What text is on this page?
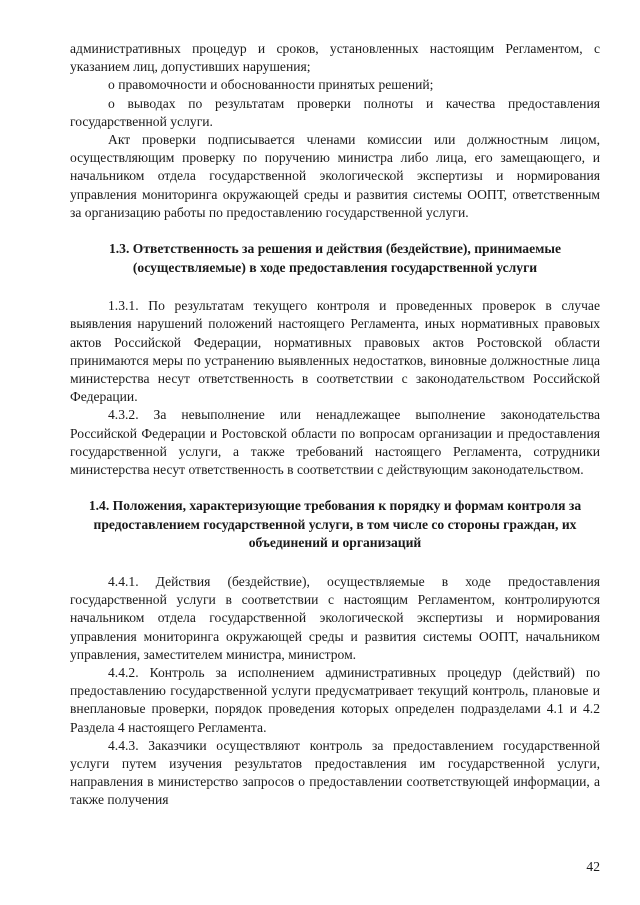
административных процедур и сроков, установленных настоящим Регламентом, с указанием лиц, допустивших нарушения;

о правомочности и обоснованности принятых решений;

о выводах по результатам проверки полноты и качества предоставления государственной услуги.

Акт проверки подписывается членами комиссии или должностным лицом, осуществляющим проверку по поручению министра либо лица, его замещающего, и начальником отдела государственной экологической экспертизы и нормирования управления мониторинга окружающей среды и развития системы ООПТ, ответственным за организацию работы по предоставлению государственной услуги.

1.3. Ответственность за решения и действия (бездействие), принимаемые (осуществляемые) в ходе предоставления государственной услуги

1.3.1. По результатам текущего контроля и проведенных проверок в случае выявления нарушений положений настоящего Регламента, иных нормативных правовых актов Российской Федерации, нормативных правовых актов Ростовской области принимаются меры по устранению выявленных недостатков, виновные должностные лица министерства несут ответственность в соответствии с законодательством Российской Федерации.

4.3.2. За невыполнение или ненадлежащее выполнение законодательства Российской Федерации и Ростовской области по вопросам организации и предоставления государственной услуги, а также требований настоящего Регламента, сотрудники министерства несут ответственность в соответствии с действующим законодательством.

1.4. Положения, характеризующие требования к порядку и формам контроля за предоставлением государственной услуги, в том числе со стороны граждан, их объединений и организаций

4.4.1. Действия (бездействие), осуществляемые в ходе предоставления государственной услуги в соответствии с настоящим Регламентом, контролируются начальником отдела государственной экологической экспертизы и нормирования управления мониторинга окружающей среды и развития системы ООПТ, начальником управления, заместителем министра, министром.

4.4.2. Контроль за исполнением административных процедур (действий) по предоставлению государственной услуги предусматривает текущий контроль, плановые и внеплановые проверки, порядок проведения которых определен подразделами 4.1 и 4.2 Раздела 4 настоящего Регламента.

4.4.3. Заказчики осуществляют контроль за предоставлением государственной услуги путем изучения результатов предоставления им государственной услуги, направления в министерство запросов о предоставлении соответствующей информации, а также получения

42
